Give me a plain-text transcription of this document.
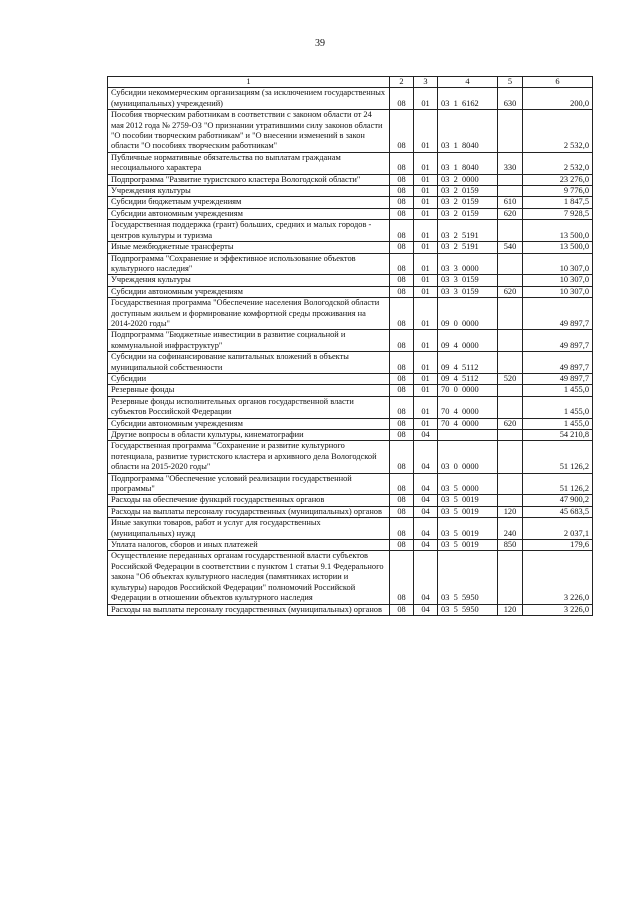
39
1	2	3	4	5	6
Субсидии некоммерческим организациям (за исключением государственных (муниципальных) учреждений)	08	01	03  1  6162	630	200,0
Пособия творческим работникам в соответствии с законом области от 24 мая 2012 года № 2759-ОЗ "О признании утратившими силу законов области "О пособии творческим работникам" и "О внесении изменений в закон области "О пособиях творческим работникам"	08	01	03  1  8040		2 532,0
Публичные нормативные обязательства по выплатам гражданам несоциального характера	08	01	03  1  8040	330	2 532,0
Подпрограмма "Развитие туристского кластера Вологодской области"	08	01	03  2  0000		23 276,0
Учреждения культуры	08	01	03  2  0159		9 776,0
Субсидии бюджетным учреждениям	08	01	03  2  0159	610	1 847,5
Субсидии автономным учреждениям	08	01	03  2  0159	620	7 928,5
Государственная поддержка (грант) больших, средних и малых городов - центров культуры и туризма	08	01	03  2  5191		13 500,0
Иные межбюджетные трансферты	08	01	03  2  5191	540	13 500,0
Подпрограмма "Сохранение и эффективное использование объектов культурного наследия"	08	01	03  3  0000		10 307,0
Учреждения культуры	08	01	03  3  0159		10 307,0
Субсидии автономным учреждениям	08	01	03  3  0159	620	10 307,0
Государственная программа "Обеспечение населения Вологодской области доступным жильем и формирование комфортной среды проживания на 2014-2020 годы"	08	01	09  0  0000		49 897,7
Подпрограмма "Бюджетные инвестиции в развитие социальной и коммунальной инфраструктур"	08	01	09  4  0000		49 897,7
Субсидии на софинансирование капитальных вложений в объекты муниципальной собственности	08	01	09  4  5112		49 897,7
Субсидии	08	01	09  4  5112	520	49 897,7
Резервные фонды	08	01	70  0  0000		1 455,0
Резервные фонды исполнительных органов государственной власти субъектов Российской Федерации	08	01	70  4  0000		1 455,0
Субсидии автономным учреждениям	08	01	70  4  0000	620	1 455,0
Другие вопросы в области культуры, кинематографии	08	04			54 210,8
Государственная программа "Сохранение и развитие культурного потенциала, развитие туристского кластера и архивного дела Вологодской области на 2015-2020 годы"	08	04	03  0  0000		51 126,2
Подпрограмма "Обеспечение условий реализации государственной программы"	08	04	03  5  0000		51 126,2
Расходы на обеспечение функций государственных органов	08	04	03  5  0019		47 900,2
Расходы на выплаты персоналу государственных (муниципальных) органов	08	04	03  5  0019	120	45 683,5
Иные закупки товаров, работ и услуг для государственных (муниципальных) нужд	08	04	03  5  0019	240	2 037,1
Уплата налогов, сборов и иных платежей	08	04	03  5  0019	850	179,6
Осуществление переданных органам государственной власти субъектов Российской Федерации в соответствии с пунктом 1 статьи 9.1 Федерального закона "Об объектах культурного наследия (памятниках истории и культуры) народов Российской Федерации" полномочий Российской Федерации в отношении объектов культурного наследия	08	04	03  5  5950		3 226,0
Расходы на выплаты персоналу государственных (муниципальных) органов	08	04	03  5  5950	120	3 226,0
